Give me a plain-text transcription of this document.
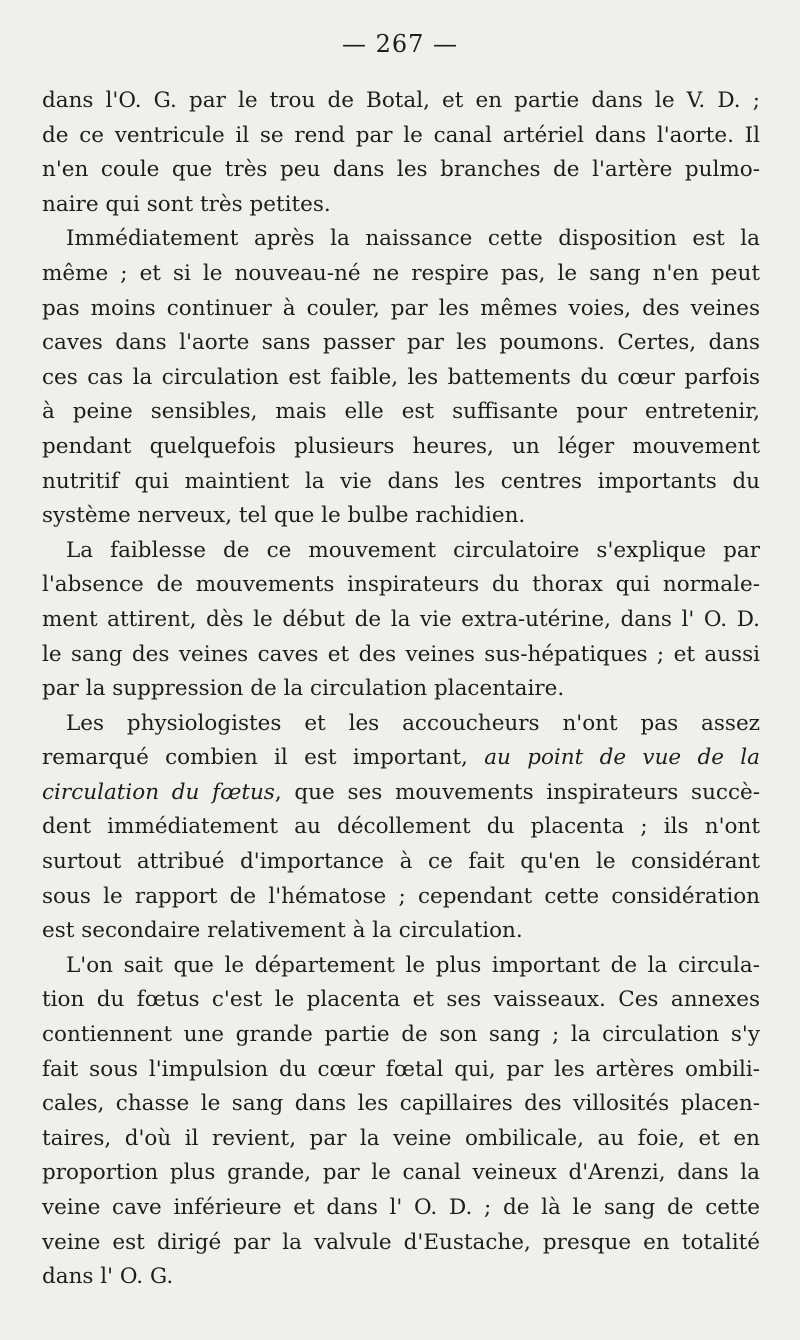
— 267 —
dans l'O. G. par le trou de Botal, et en partie dans le V. D. ;
de ce ventricule il se rend par le canal artériel dans l'aorte. Il
n'en coule que très peu dans les branches de l'artère pulmo-
naire qui sont très petites.
Immédiatement après la naissance cette disposition est la
même ; et si le nouveau-né ne respire pas, le sang n'en peut
pas moins continuer à couler, par les mêmes voies, des veines
caves dans l'aorte sans passer par les poumons. Certes, dans
ces cas la circulation est faible, les battements du cœur parfois
à peine sensibles, mais elle est suffisante pour entretenir,
pendant quelquefois plusieurs heures, un léger mouvement
nutritif qui maintient la vie dans les centres importants du
système nerveux, tel que le bulbe rachidien.
La faiblesse de ce mouvement circulatoire s'explique par
l'absence de mouvements inspirateurs du thorax qui normale-
ment attirent, dès le début de la vie extra-utérine, dans l' O. D.
le sang des veines caves et des veines sus-hépatiques ; et aussi
par la suppression de la circulation placentaire.
Les physiologistes et les accoucheurs n'ont pas assez
remarqué combien il est important, au point de vue de la
circulation du fœtus, que ses mouvements inspirateurs succè-
dent immédiatement au décollement du placenta ; ils n'ont
surtout attribué d'importance à ce fait qu'en le considérant
sous le rapport de l'hématose ; cependant cette considération
est secondaire relativement à la circulation.
L'on sait que le département le plus important de la circula-
tion du fœtus c'est le placenta et ses vaisseaux. Ces annexes
contiennent une grande partie de son sang ; la circulation s'y
fait sous l'impulsion du cœur fœtal qui, par les artères ombili-
cales, chasse le sang dans les capillaires des villosités placen-
taires, d'où il revient, par la veine ombilicale, au foie, et en
proportion plus grande, par le canal veineux d'Arenzi, dans la
veine cave inférieure et dans l' O. D. ; de là le sang de cette
veine est dirigé par la valvule d'Eustache, presque en totalité
dans l' O. G.
